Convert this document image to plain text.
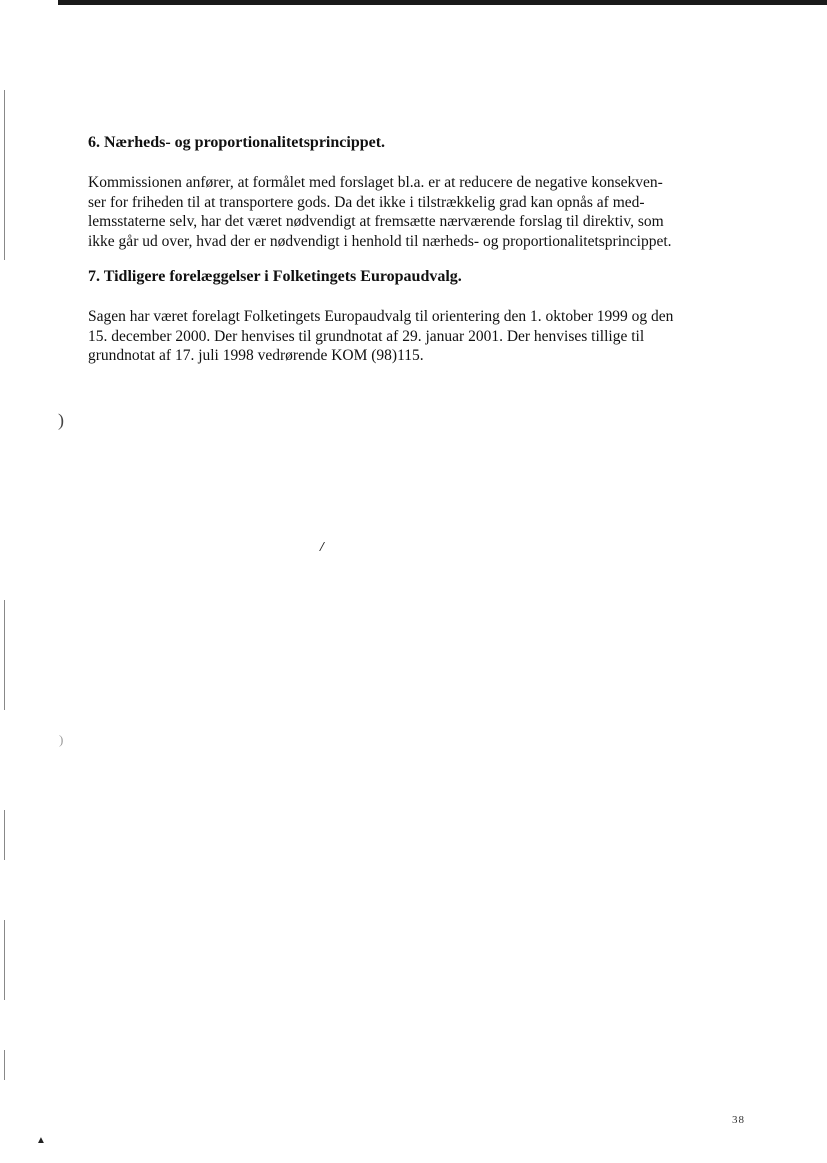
)
)
/
▲
6. Nærheds- og proportionalitetsprincippet.

Kommissionen anfører, at formålet med forslaget bl.a. er at reducere de negative konsekven-
ser for friheden til at transportere gods. Da det ikke i tilstrækkelig grad kan opnås af med-
lemsstaterne selv, har det været nødvendigt at fremsætte nærværende forslag til direktiv, som
ikke går ud over, hvad der er nødvendigt i henhold til nærheds- og proportionalitetsprincippet.

7. Tidligere forelæggelser i Folketingets Europaudvalg.

Sagen har været forelagt Folketingets Europaudvalg til orientering den 1. oktober 1999 og den
15. december 2000. Der henvises til grundnotat af 29. januar 2001. Der henvises tillige til
grundnotat af 17. juli 1998 vedrørende KOM (98)115.

38
